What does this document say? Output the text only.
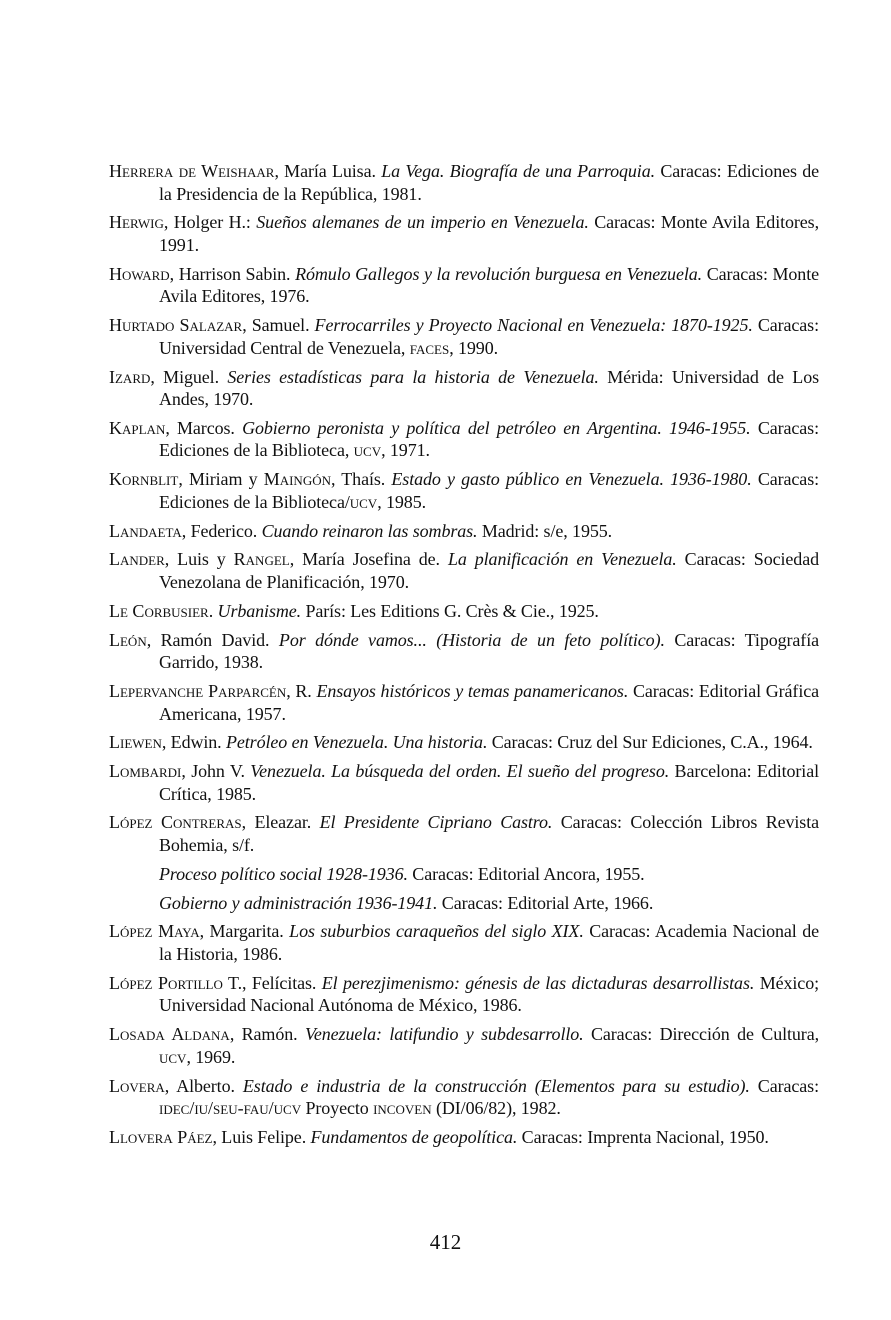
Herrera de Weishaar, María Luisa. La Vega. Biografía de una Parroquia. Caracas: Ediciones de la Presidencia de la República, 1981.

Herwig, Holger H.: Sueños alemanes de un imperio en Venezuela. Caracas: Monte Avila Editores, 1991.

Howard, Harrison Sabin. Rómulo Gallegos y la revolución burguesa en Venezuela. Caracas: Monte Avila Editores, 1976.

Hurtado Salazar, Samuel. Ferrocarriles y Proyecto Nacional en Venezuela: 1870-1925. Caracas: Universidad Central de Venezuela, faces, 1990.

Izard, Miguel. Series estadísticas para la historia de Venezuela. Mérida: Universidad de Los Andes, 1970.

Kaplan, Marcos. Gobierno peronista y política del petróleo en Argentina. 1946-1955. Caracas: Ediciones de la Biblioteca, ucv, 1971.

Kornblit, Miriam y Maingón, Thaís. Estado y gasto público en Venezuela. 1936-1980. Caracas: Ediciones de la Biblioteca/ucv, 1985.

Landaeta, Federico. Cuando reinaron las sombras. Madrid: s/e, 1955.

Lander, Luis y Rangel, María Josefina de. La planificación en Venezuela. Caracas: Sociedad Venezolana de Planificación, 1970.

Le Corbusier. Urbanisme. París: Les Editions G. Crès & Cie., 1925.

León, Ramón David. Por dónde vamos... (Historia de un feto político). Caracas: Tipografía Garrido, 1938.

Lepervanche Parparcén, R. Ensayos históricos y temas panamericanos. Caracas: Editorial Gráfica Americana, 1957.

Liewen, Edwin. Petróleo en Venezuela. Una historia. Caracas: Cruz del Sur Ediciones, C.A., 1964.

Lombardi, John V. Venezuela. La búsqueda del orden. El sueño del progreso. Barcelona: Editorial Crítica, 1985.

López Contreras, Eleazar. El Presidente Cipriano Castro. Caracas: Colección Libros Revista Bohemia, s/f.

Proceso político social 1928-1936. Caracas: Editorial Ancora, 1955.

Gobierno y administración 1936-1941. Caracas: Editorial Arte, 1966.

López Maya, Margarita. Los suburbios caraqueños del siglo XIX. Caracas: Academia Nacional de la Historia, 1986.

López Portillo T., Felícitas. El perezjimenismo: génesis de las dictaduras desarrollistas. México; Universidad Nacional Autónoma de México, 1986.

Losada Aldana, Ramón. Venezuela: latifundio y subdesarrollo. Caracas: Dirección de Cultura, ucv, 1969.

Lovera, Alberto. Estado e industria de la construcción (Elementos para su estudio). Caracas: idec/iu/seu-fau/ucv Proyecto incoven (DI/06/82), 1982.

Llovera Páez, Luis Felipe. Fundamentos de geopolítica. Caracas: Imprenta Nacional, 1950.

412
